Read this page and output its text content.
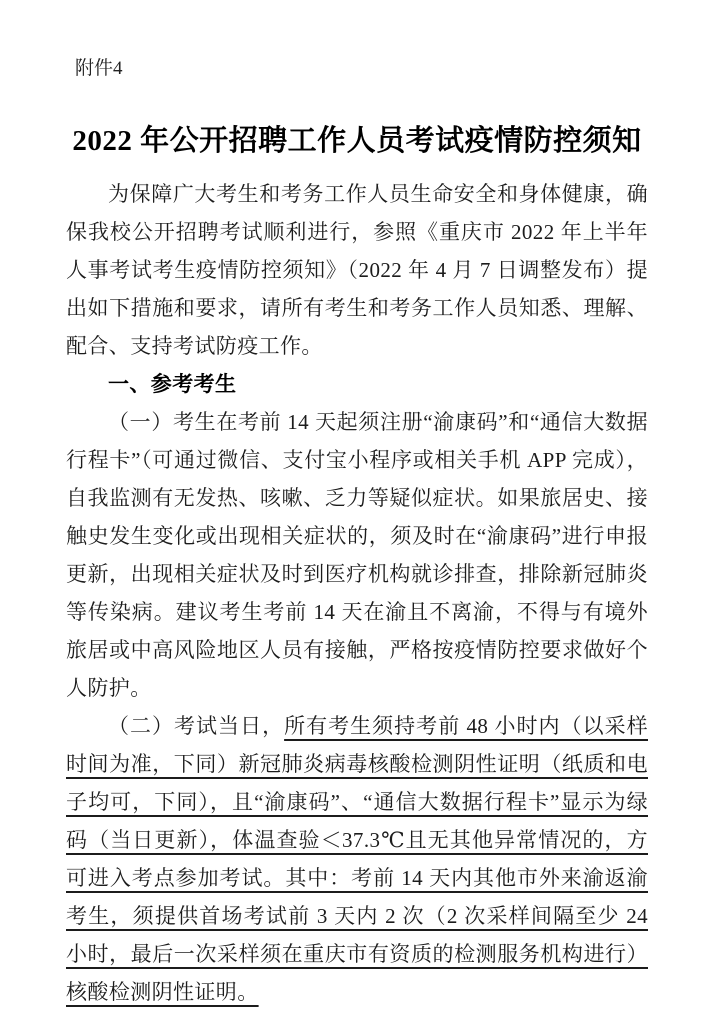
附件4
2022 年公开招聘工作人员考试疫情防控须知

为保障广大考生和考务工作人员生命安全和身体健康，确保我校公开招聘考试顺利进行，参照《重庆市 2022 年上半年人事考试考生疫情防控须知》（2022 年 4 月 7 日调整发布）提出如下措施和要求，请所有考生和考务工作人员知悉、理解、配合、支持考试防疫工作。

一、参考考生

（一）考生在考前 14 天起须注册“渝康码”和“通信大数据行程卡”（可通过微信、支付宝小程序或相关手机 APP 完成），自我监测有无发热、咳嗽、乏力等疑似症状。如果旅居史、接触史发生变化或出现相关症状的，须及时在“渝康码”进行申报更新，出现相关症状及时到医疗机构就诊排查，排除新冠肺炎等传染病。建议考生考前 14 天在渝且不离渝，不得与有境外旅居或中高风险地区人员有接触，严格按疫情防控要求做好个人防护。

（二）考试当日，所有考生须持考前 48 小时内（以采样时间为准，下同）新冠肺炎病毒核酸检测阴性证明（纸质和电子均可，下同），且“渝康码”、“通信大数据行程卡”显示为绿码（当日更新），体温查验＜37.3℃且无其他异常情况的，方可进入考点参加考试。其中：考前 14 天内其他市外来渝返渝考生，须提供首场考试前 3 天内 2 次（2 次采样间隔至少 24 小时，最后一次采样须在重庆市有资质的检测服务机构进行）核酸检测阴性证明。
